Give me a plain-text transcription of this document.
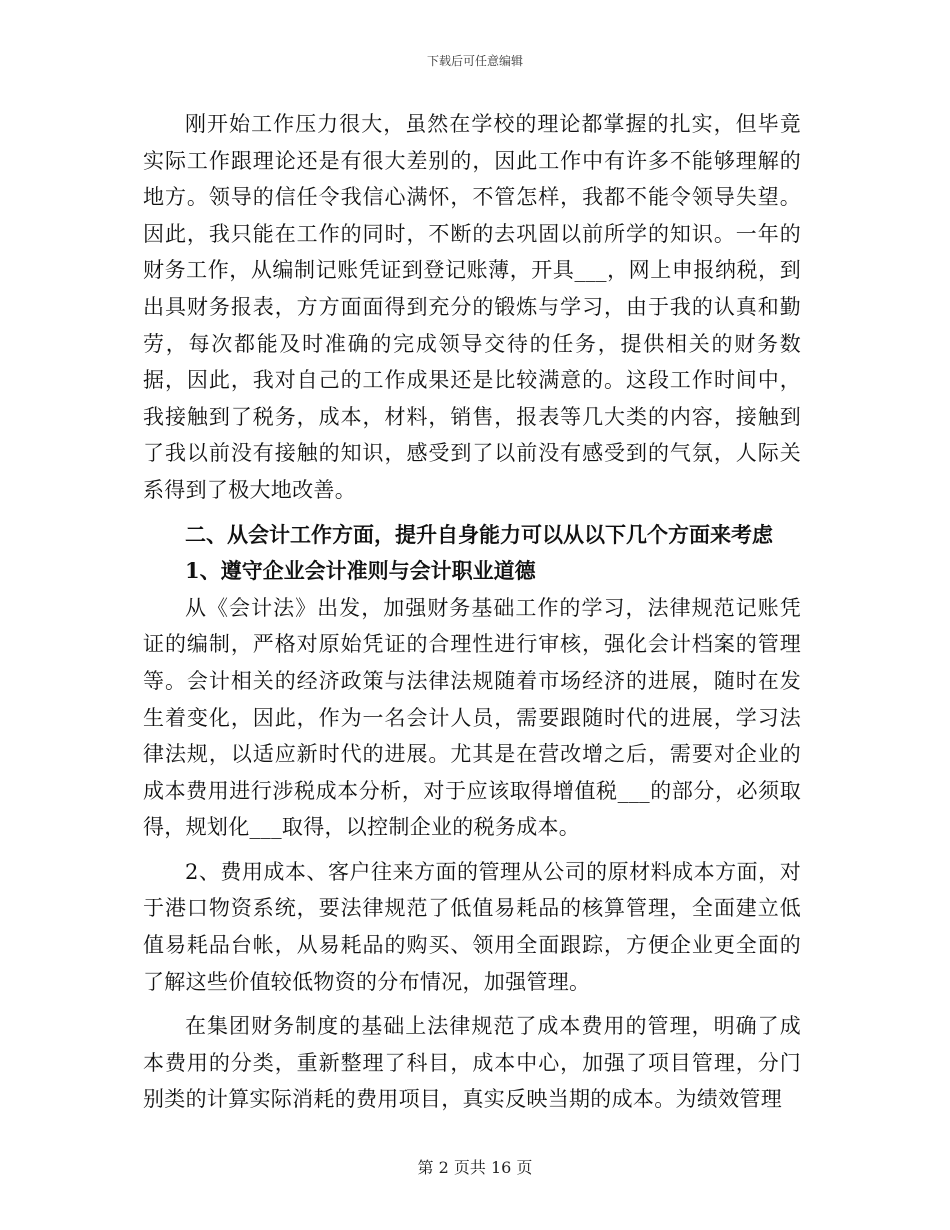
下载后可任意编辑

刚开始工作压力很大，虽然在学校的理论都掌握的扎实，但毕竟实际工作跟理论还是有很大差别的，因此工作中有许多不能够理解的地方。领导的信任令我信心满怀，不管怎样，我都不能令领导失望。因此，我只能在工作的同时，不断的去巩固以前所学的知识。一年的财务工作，从编制记账凭证到登记账薄，开具___，网上申报纳税，到出具财务报表，方方面面得到充分的锻炼与学习，由于我的认真和勤劳，每次都能及时准确的完成领导交待的任务，提供相关的财务数据，因此，我对自己的工作成果还是比较满意的。这段工作时间中，我接触到了税务，成本，材料，销售，报表等几大类的内容，接触到了我以前没有接触的知识，感受到了以前没有感受到的气氛，人际关系得到了极大地改善。

二、从会计工作方面，提升自身能力可以从以下几个方面来考虑

1、遵守企业会计准则与会计职业道德

从《会计法》出发，加强财务基础工作的学习，法律规范记账凭证的编制，严格对原始凭证的合理性进行审核，强化会计档案的管理等。会计相关的经济政策与法律法规随着市场经济的进展，随时在发生着变化，因此，作为一名会计人员，需要跟随时代的进展，学习法律法规，以适应新时代的进展。尤其是在营改增之后，需要对企业的成本费用进行涉税成本分析，对于应该取得增值税___的部分，必须取得，规划化___取得，以控制企业的税务成本。

2、费用成本、客户往来方面的管理从公司的原材料成本方面，对于港口物资系统，要法律规范了低值易耗品的核算管理，全面建立低值易耗品台帐，从易耗品的购买、领用全面跟踪，方便企业更全面的了解这些价值较低物资的分布情况，加强管理。

在集团财务制度的基础上法律规范了成本费用的管理，明确了成本费用的分类，重新整理了科目，成本中心，加强了项目管理，分门别类的计算实际消耗的费用项目，真实反映当期的成本。为绩效管理

第 2 页共 16 页
